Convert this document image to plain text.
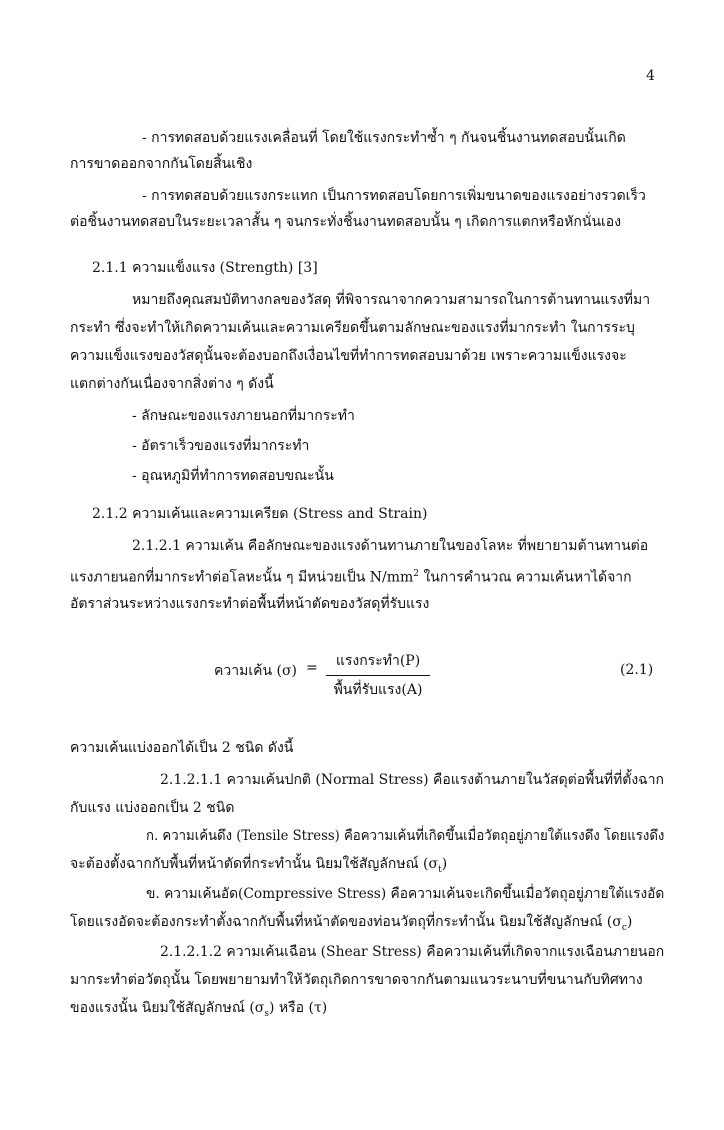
4
- การทดสอบด้วยแรงเคลื่อนที่ โดยใช้แรงกระทำซ้ำ ๆ กันจนชิ้นงานทดสอบนั้นเกิด
การขาดออกจากกันโดยสิ้นเชิง
- การทดสอบด้วยแรงกระแทก เป็นการทดสอบโดยการเพิ่มขนาดของแรงอย่างรวดเร็ว
ต่อชิ้นงานทดสอบในระยะเวลาสั้น ๆ จนกระทั่งชิ้นงานทดสอบนั้น ๆ เกิดการแตกหรือหักนั่นเอง
2.1.1 ความแข็งแรง (Strength) [3]
หมายถึงคุณสมบัติทางกลของวัสดุ ที่พิจารณาจากความสามารถในการต้านทานแรงที่มา
กระทำ ซึ่งจะทำให้เกิดความเค้นและความเครียดขึ้นตามลักษณะของแรงที่มากระทำ ในการระบุ
ความแข็งแรงของวัสดุนั้นจะต้องบอกถึงเงื่อนไขที่ทำการทดสอบมาด้วย เพราะความแข็งแรงจะ
แตกต่างกันเนื่องจากสิ่งต่าง ๆ ดังนี้
- ลักษณะของแรงภายนอกที่มากระทำ
- อัตราเร็วของแรงที่มากระทำ
- อุณหภูมิที่ทำการทดสอบขณะนั้น
2.1.2 ความเค้นและความเครียด (Stress and Strain)
2.1.2.1 ความเค้น คือลักษณะของแรงด้านทานภายในของโลหะ ที่พยายามต้านทานต่อ
แรงภายนอกที่มากระทำต่อโลหะนั้น ๆ มีหน่วยเป็น $N/mm^2$ ในการคำนวณ ความเค้นหาได้จาก
อัตราส่วนระหว่างแรงกระทำต่อพื้นที่หน้าตัดของวัสดุที่รับแรง
ความเค้น (σ) =	แรงกระทำ(P)
พื้นที่รับแรง(A)
(2.1)
ความเค้นแบ่งออกได้เป็น 2 ชนิด ดังนี้
2.1.2.1.1 ความเค้นปกติ (Normal Stress) คือแรงต้านภายในวัสดุต่อพื้นที่ที่ตั้งฉาก
กับแรง แบ่งออกเป็น 2 ชนิด
ก. ความเค้นดึง (Tensile Stress) คือความเค้นที่เกิดขึ้นเมื่อวัตถุอยู่ภายใต้แรงดึง โดยแรงดึง
จะต้องตั้งฉากกับพื้นที่หน้าตัดที่กระทำนั้น นิยมใช้สัญลักษณ์ $(\sigma_t)$
ข. ความเค้นอัด(Compressive Stress) คือความเค้นจะเกิดขึ้นเมื่อวัตถุอยู่ภายใต้แรงอัด
โดยแรงอัดจะต้องกระทำตั้งฉากกับพื้นที่หน้าตัดของท่อนวัตถุที่กระทำนั้น นิยมใช้สัญลักษณ์ $(\sigma_c)$
2.1.2.1.2 ความเค้นเฉือน (Shear Stress) คือความเค้นที่เกิดจากแรงเฉือนภายนอก
มากระทำต่อวัตถุนั้น โดยพยายามทำให้วัตถุเกิดการขาดจากกันตามแนวระนาบที่ขนานกับทิศทาง
ของแรงนั้น นิยมใช้สัญลักษณ์ $(\sigma_s)$ หรือ (τ)
